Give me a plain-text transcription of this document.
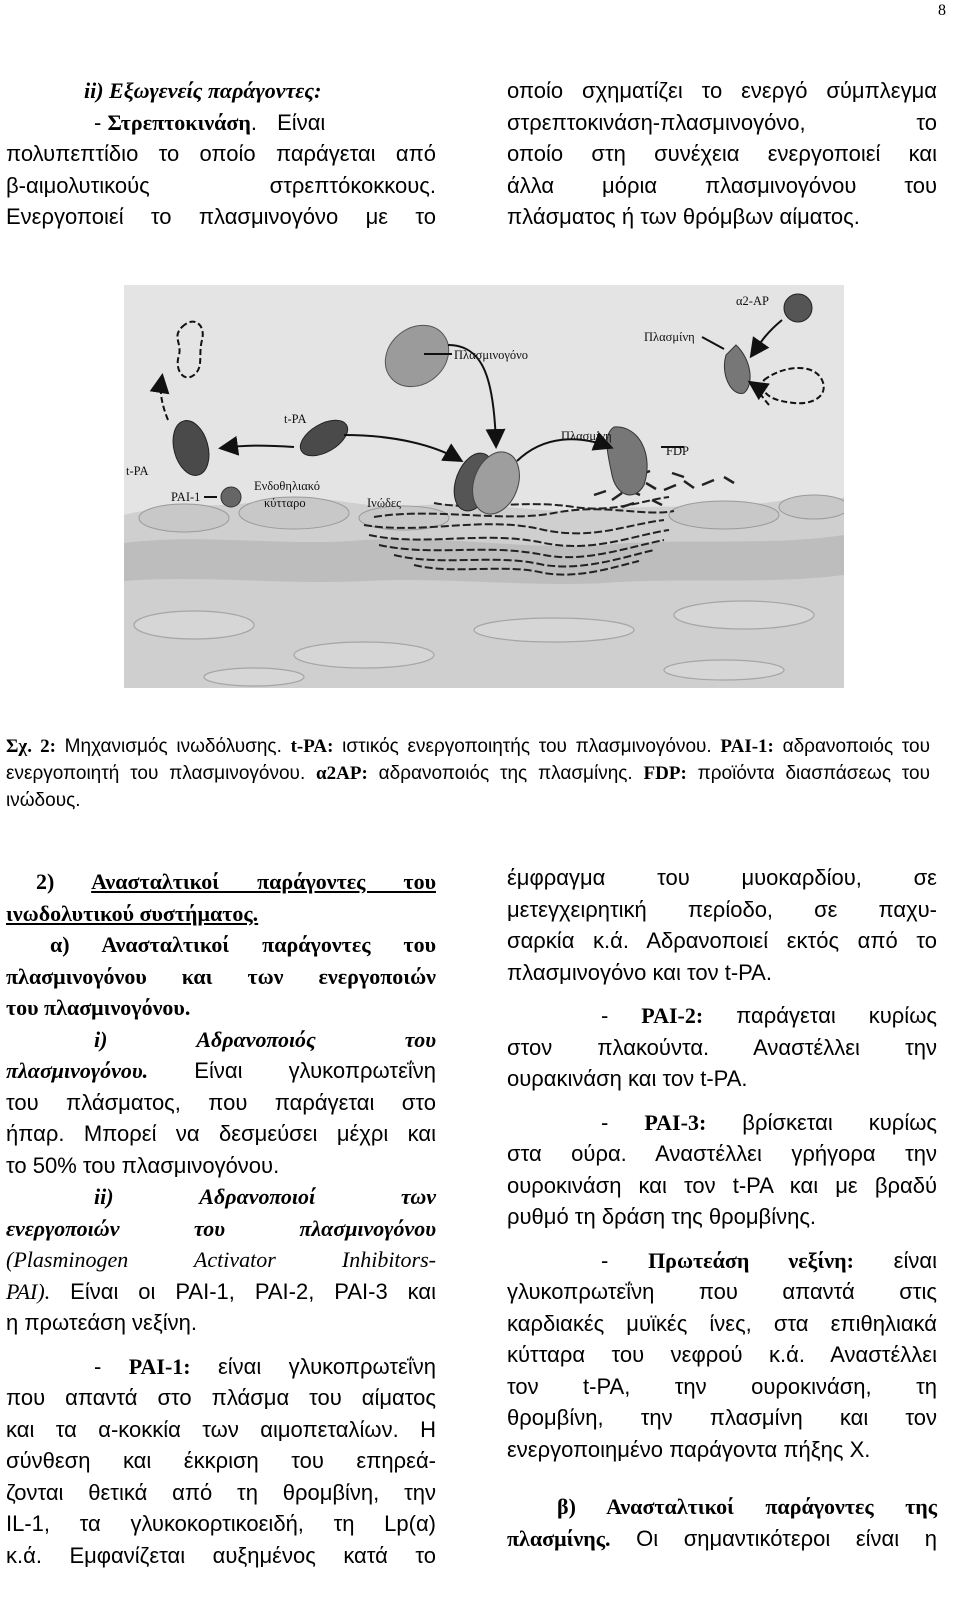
8
ii) Εξωγενείς παράγοντες:
- Στρεπτοκινάση. Είναι
πολυπεπτίδιο το οποίο παράγεται από
β-αιμολυτικούς στρεπτόκοκκους.
Ενεργοποιεί το πλασμινογόνο με το
οποίο σχηματίζει το ενεργό σύμπλεγμα
στρεπτοκινάση-πλασμινογόνο, το
οποίο στη συνέχεια ενεργοποιεί και
άλλα μόρια πλασμινογόνου του
πλάσματος ή των θρόμβων αίματος.
α2-AP
Πλασμίνη
Πλασμινογόνο
Πλασμίνη
FDP
t-PA
t-PA
PAI-1
Ενδοθηλιακό
κύτταρο	Ινώδες
Σχ. 2: Μηχανισμός ινωδόλυσης. t-PA: ιστικός ενεργοποιητής του πλασμινογόνου. PAI-1: αδρανοποιός του ενεργοποιητή του πλασμινογόνου. α2AP: αδρανοποιός της πλασμίνης. FDP: προϊόντα διασπάσεως του ινώδους.
2) Ανασταλτικοί παράγοντες του
ινωδολυτικού συστήματος.
α) Ανασταλτικοί παράγοντες του
πλασμινογόνου και των ενεργοποιών
του πλασμινογόνου.
i) Αδρανοποιός του
πλασμινογόνου. Είναι γλυκοπρωτεΐνη
του πλάσματος, που παράγεται στο
ήπαρ. Μπορεί να δεσμεύσει μέχρι και
το 50% του πλασμινογόνου.
ii) Αδρανοποιοί των
ενεργοποιών του πλασμινογόνου
(Plasminogen Activator Inhibitors-
PAI). Είναι οι PAI-1, PAI-2, PAI-3 και
η πρωτεάση νεξίνη.
- PAI-1: είναι γλυκοπρωτεΐνη
που απαντά στο πλάσμα του αίματος
και τα α-κοκκία των αιμοπεταλίων. Η
σύνθεση και έκκριση του επηρεά-
ζονται θετικά από τη θρομβίνη, την
IL-1, τα γλυκοκορτικοειδή, τη Lp(α)
κ.ά. Εμφανίζεται αυξημένος κατά το
έμφραγμα του μυοκαρδίου, σε
μετεγχειρητική περίοδο, σε παχυ-
σαρκία κ.ά. Αδρανοποιεί εκτός από το
πλασμινογόνο και τον t-PA.
- PAI-2: παράγεται κυρίως
στον πλακούντα. Αναστέλλει την
ουρακινάση και τον t-PA.
- PAI-3: βρίσκεται κυρίως
στα ούρα. Αναστέλλει γρήγορα την
ουροκινάση και τον t-PA και με βραδύ
ρυθμό τη δράση της θρομβίνης.
- Πρωτεάση νεξίνη: είναι
γλυκοπρωτεΐνη που απαντά στις
καρδιακές μυϊκές ίνες, στα επιθηλιακά
κύτταρα του νεφρού κ.ά. Αναστέλλει
τον t-PA, την ουροκινάση, τη
θρομβίνη, την πλασμίνη και τον
ενεργοποιημένο παράγοντα πήξης Χ.
β) Ανασταλτικοί παράγοντες της
πλασμίνης. Οι σημαντικότεροι είναι η
